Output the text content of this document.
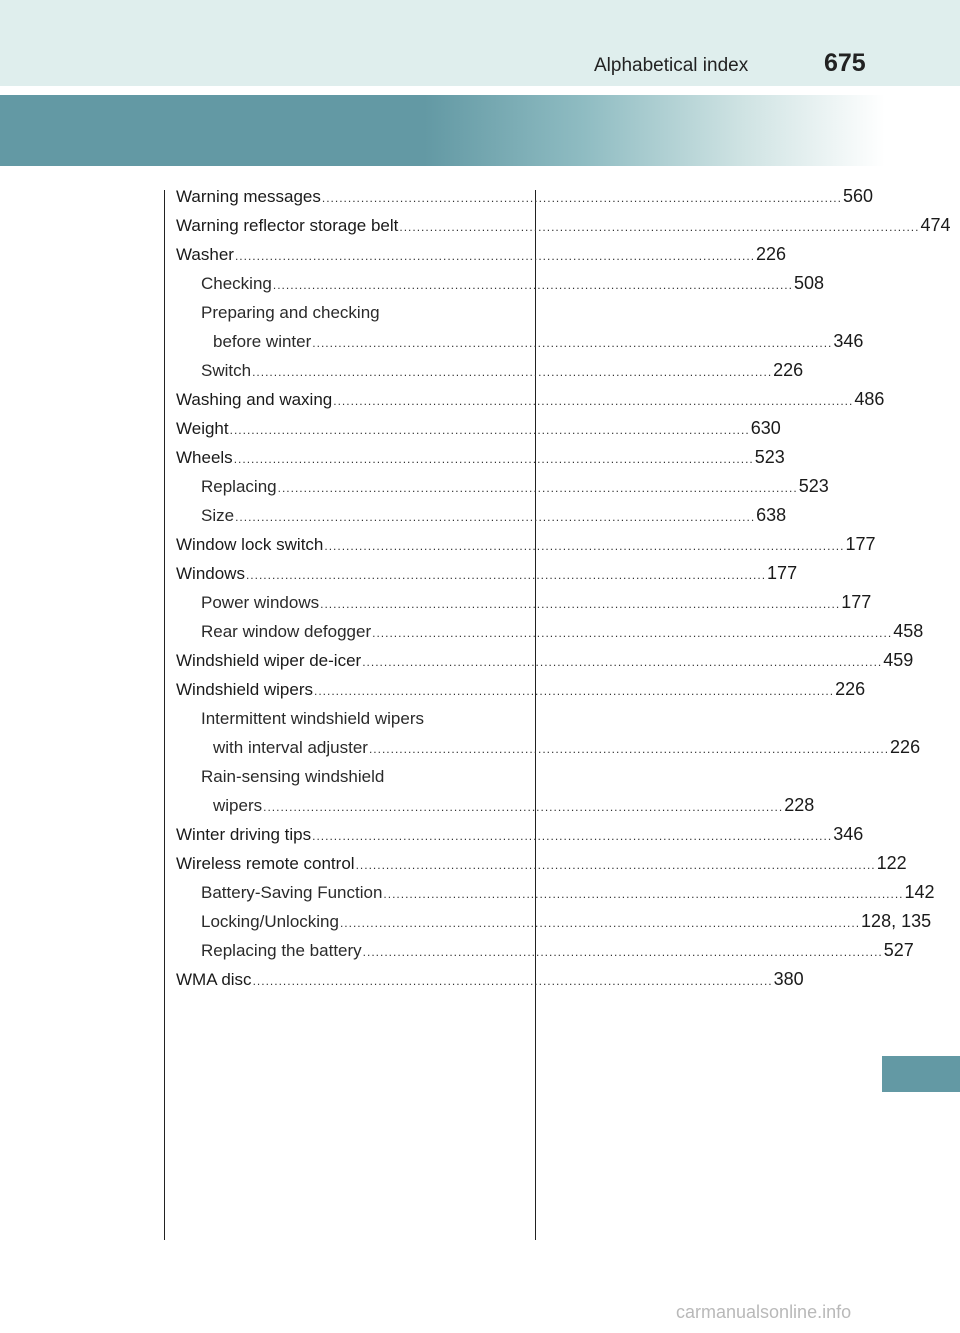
Alphabetical index	675
Warning messages ........................................................................................................................ 560
Warning reflector storage belt ........................................................................................................................ 474
Washer ........................................................................................................................ 226
Checking ........................................................................................................................ 508
Preparing and checking
before winter ........................................................................................................................ 346
Switch ........................................................................................................................ 226
Washing and waxing ........................................................................................................................ 486
Weight ........................................................................................................................ 630
Wheels ........................................................................................................................ 523
Replacing ........................................................................................................................ 523
Size ........................................................................................................................ 638
Window lock switch ........................................................................................................................ 177
Windows ........................................................................................................................ 177
Power windows ........................................................................................................................ 177
Rear window defogger ........................................................................................................................ 458
Windshield wiper de-icer ........................................................................................................................ 459
Windshield wipers ........................................................................................................................ 226
Intermittent windshield wipers
with interval adjuster ........................................................................................................................ 226
Rain-sensing windshield
wipers ........................................................................................................................ 228
Winter driving tips ........................................................................................................................ 346
Wireless remote control ........................................................................................................................ 122
Battery-Saving Function ........................................................................................................................ 142
Locking/Unlocking ........................................................................................................................ 128, 135
Replacing the battery ........................................................................................................................ 527
WMA disc ........................................................................................................................ 380
carmanualsonline.info
